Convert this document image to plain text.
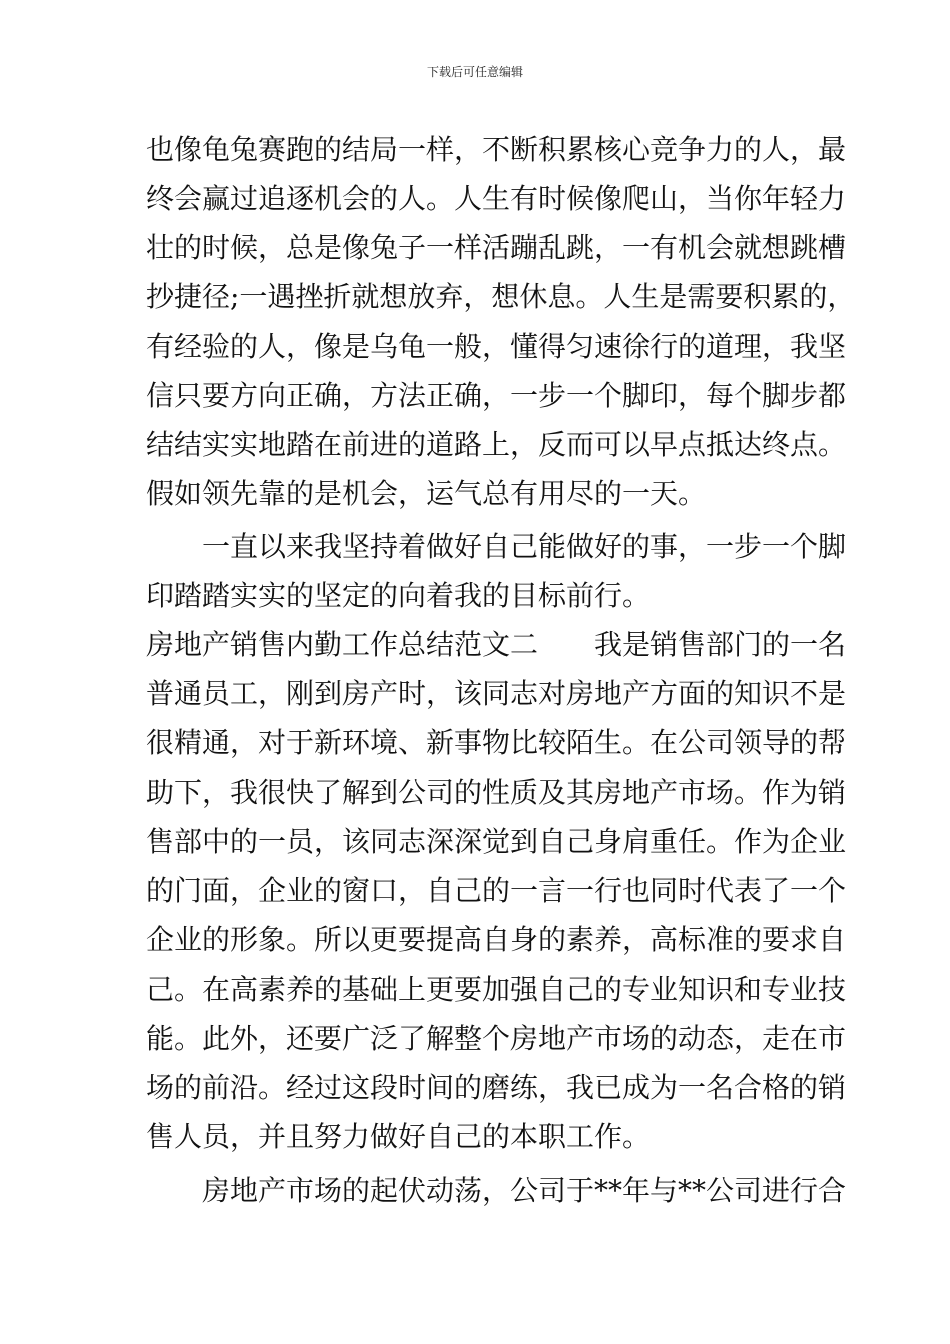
下载后可任意编辑
也像龟兔赛跑的结局一样，不断积累核心竞争力的人，最
终会赢过追逐机会的人。人生有时候像爬山，当你年轻力
壮的时候，总是像兔子一样活蹦乱跳，一有机会就想跳槽
抄捷径;一遇挫折就想放弃，想休息。人生是需要积累的，
有经验的人，像是乌龟一般，懂得匀速徐行的道理，我坚
信只要方向正确，方法正确，一步一个脚印，每个脚步都
结结实实地踏在前进的道路上，反而可以早点抵达终点。
假如领先靠的是机会，运气总有用尽的一天。
一直以来我坚持着做好自己能做好的事，一步一个脚
印踏踏实实的坚定的向着我的目标前行。
房地产销售内勤工作总结范文二　　我是销售部门的一名
普通员工，刚到房产时，该同志对房地产方面的知识不是
很精通，对于新环境、新事物比较陌生。在公司领导的帮
助下，我很快了解到公司的性质及其房地产市场。作为销
售部中的一员，该同志深深觉到自己身肩重任。作为企业
的门面，企业的窗口，自己的一言一行也同时代表了一个
企业的形象。所以更要提高自身的素养，高标准的要求自
己。在高素养的基础上更要加强自己的专业知识和专业技
能。此外，还要广泛了解整个房地产市场的动态，走在市
场的前沿。经过这段时间的磨练，我已成为一名合格的销
售人员，并且努力做好自己的本职工作。
房地产市场的起伏动荡，公司于**年与**公司进行合
